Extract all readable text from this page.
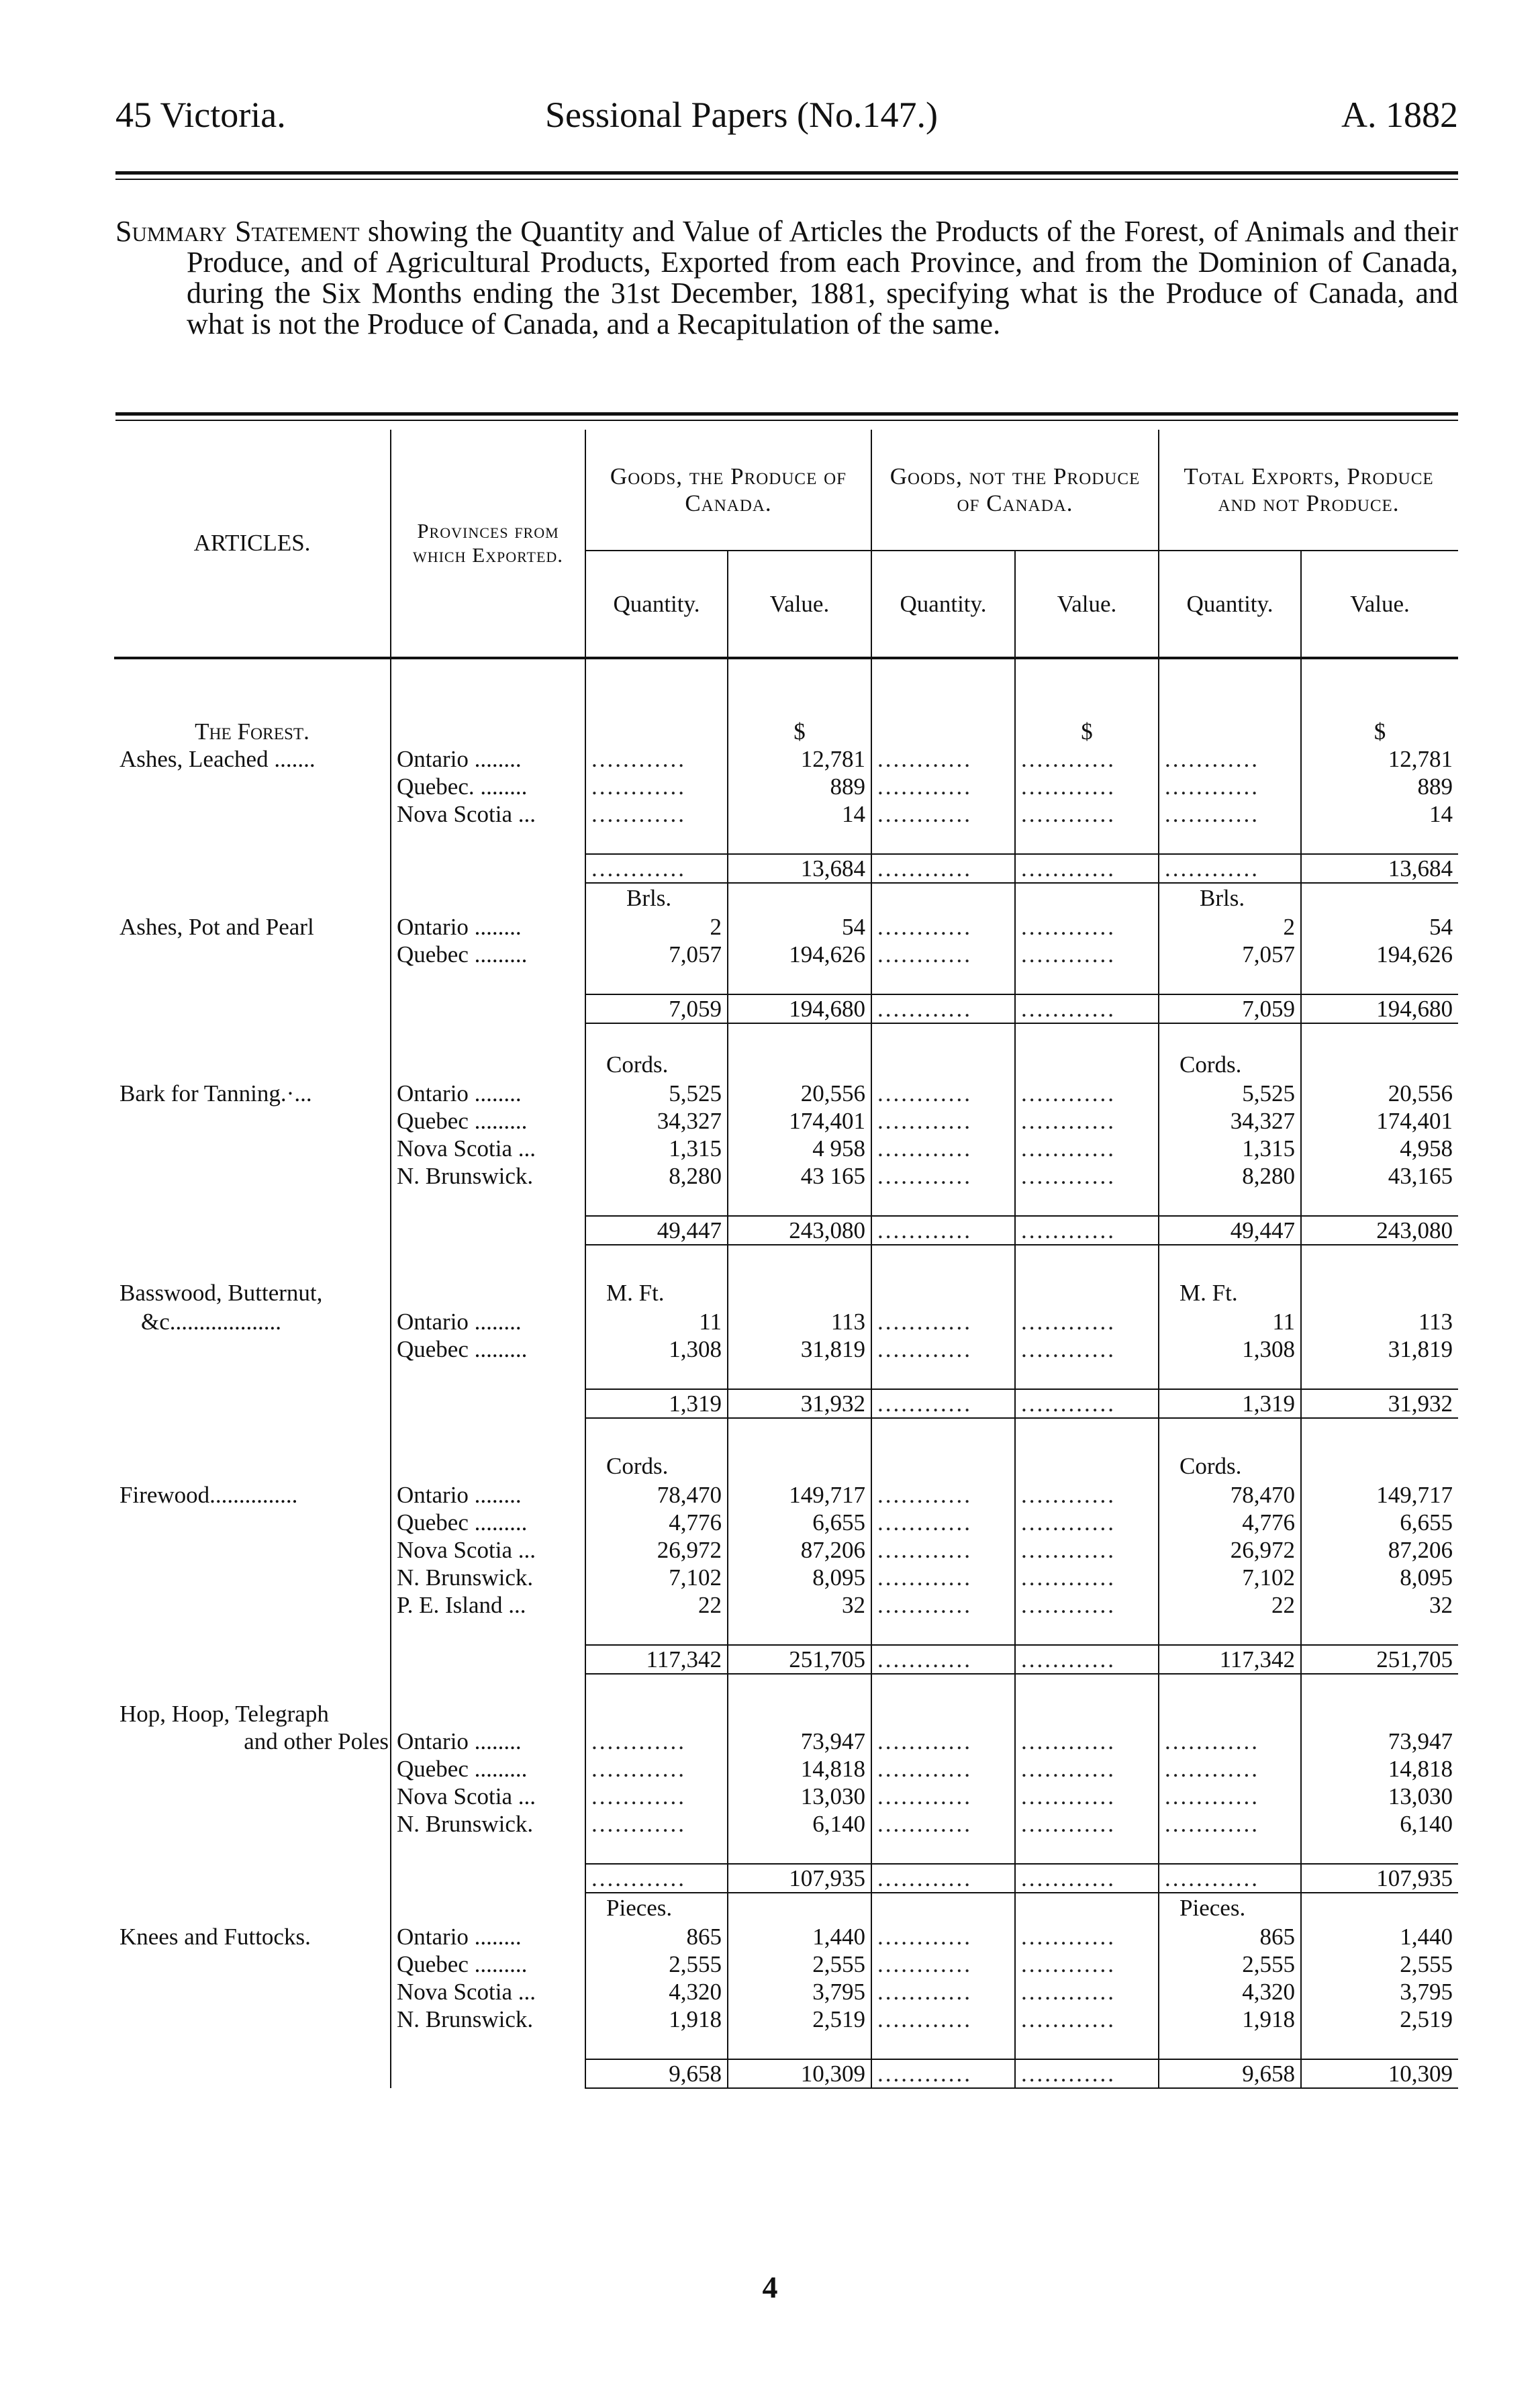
45 Victoria.	Sessional Papers (No.147.)	A. 1882

Summary Statement showing the Quantity and Value of Articles the Products of the Forest, of Animals and their Produce, and of Agricultural Products, Exported from each Province, and from the Dominion of Canada, during the Six Months ending the 31st December, 1881, specifying what is the Produce of Canada, and what is not the Produce of Canada, and a Recapitulation of the same.

ARTICLES.	Provinces from which Exported.	Goods, the Produce of Canada.		Goods, not the Produce of Canada.		Total Exports, Produce and not Produce.	
		Quantity.	Value.	Quantity.	Value.	Quantity.	Value.
The Forest.			$		$		$
Ashes, Leached .......	Ontario ........	............	12,781	............	............	............	12,781
	Quebec. ........	............	889	............	............	............	889
	Nova Scotia ...	............	14	............	............	............	14

		............	13,684	............	............	............	13,684
		Brls.				Brls.	
Ashes, Pot and Pearl	Ontario ........	2	54	............	............	2	54
	Quebec .........	7,057	194,626	............	............	7,057	194,626

		7,059	194,680	............	............	7,059	194,680

		Cords.				Cords.	
Bark for Tanning.·...	Ontario ........	5,525	20,556	............	............	5,525	20,556
	Quebec .........	34,327	174,401	............	............	34,327	174,401
	Nova Scotia ...	1,315	4 958	............	............	1,315	4,958
	N. Brunswick.	8,280	43 165	............	............	8,280	43,165

		49,447	243,080	............	............	49,447	243,080

Basswood, Butternut,		M. Ft.				M. Ft.	
&c...................	Ontario ........	11	113	............	............	11	113
	Quebec .........	1,308	31,819	............	............	1,308	31,819

		1,319	31,932	............	............	1,319	31,932

		Cords.				Cords.	
Firewood...............	Ontario ........	78,470	149,717	............	............	78,470	149,717
	Quebec .........	4,776	6,655	............	............	4,776	6,655
	Nova Scotia ...	26,972	87,206	............	............	26,972	87,206
	N. Brunswick.	7,102	8,095	............	............	7,102	8,095
	P. E. Island ...	22	32	............	............	22	32

		117,342	251,705	............	............	117,342	251,705

Hop, Hoop, Telegraph							
and other Poles	Ontario ........	............	73,947	............	............	............	73,947
	Quebec .........	............	14,818	............	............	............	14,818
	Nova Scotia ...	............	13,030	............	............	............	13,030
	N. Brunswick.	............	6,140	............	............	............	6,140

		............	107,935	............	............	............	107,935
		Pieces.				Pieces.	
Knees and Futtocks.	Ontario ........	865	1,440	............	............	865	1,440
	Quebec .........	2,555	2,555	............	............	2,555	2,555
	Nova Scotia ...	4,320	3,795	............	............	4,320	3,795
	N. Brunswick.	1,918	2,519	............	............	1,918	2,519

		9,658	10,309	............	............	9,658	10,309
4
